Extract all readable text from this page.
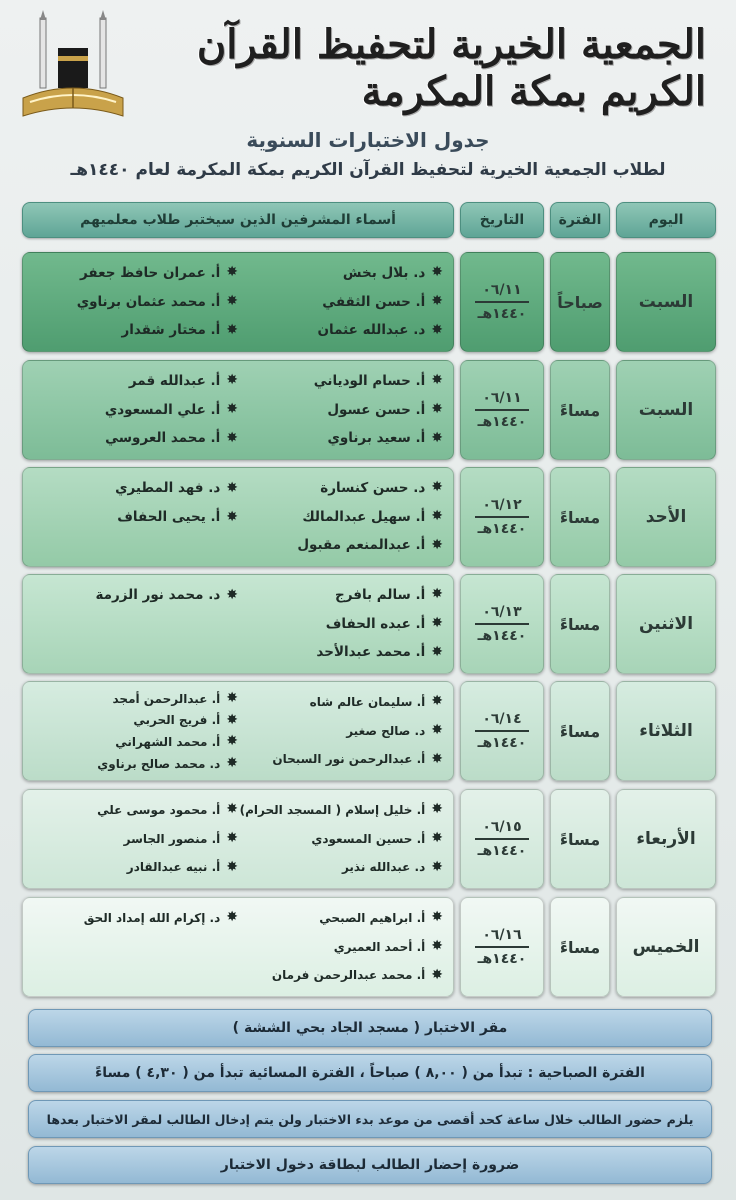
الجمعية الخيرية لتحفيظ القرآن الكريم بمكة المكرمة
جدول الاختبارات السنوية
لطلاب الجمعية الخيرية لتحفيظ القرآن الكريم بمكة المكرمة لعام ١٤٤٠هـ
اليوم
الفترة
التاريخ
أسماء المشرفين الذين سيختبر طلاب معلميهم
السبت
صباحاً
٠٦/١١
١٤٤٠هـ
✸
د. بلال بخش
✸
أ. حسن الثقفي
✸
د. عبدالله عثمان
✸
أ. عمران حافظ جعفر
✸
أ. محمد عثمان برناوي
✸
أ. مختار شقدار
السبت
مساءً
٠٦/١١
١٤٤٠هـ
✸
أ. حسام الودياني
✸
أ. حسن عسول
✸
أ. سعيد برناوي
✸
أ. عبدالله قمر
✸
أ. علي المسعودي
✸
أ. محمد العروسي
الأحد
مساءً
٠٦/١٢
١٤٤٠هـ
✸
د. حسن كنسارة
✸
أ. سهيل عبدالمالك
✸
أ. عبدالمنعم مقبول
✸
د. فهد المطيري
✸
أ. يحيى الحفاف

الاثنين
مساءً
٠٦/١٣
١٤٤٠هـ
✸
أ. سالم بافرج
✸
أ. عبده الحفاف
✸
أ. محمد عبدالأحد
✸
د. محمد نور الزرمة

الثلاثاء
مساءً
٠٦/١٤
١٤٤٠هـ
✸
أ. سليمان عالم شاه
✸
د. صالح صغير
✸
أ. عبدالرحمن نور السبحان
✸
أ. عبدالرحمن أمجد
✸
أ. فريج الحربي
✸
أ. محمد الشهراني
✸
د. محمد صالح برناوي
الأربعاء
مساءً
٠٦/١٥
١٤٤٠هـ
✸
أ. خليل إسلام ( المسجد الحرام)
✸
أ. حسين المسعودي
✸
د. عبدالله نذير
✸
أ. محمود موسى علي
✸
أ. منصور الجاسر
✸
أ. نبيه عبدالقادر
الخميس
مساءً
٠٦/١٦
١٤٤٠هـ
✸
أ. ابراهيم الصبحي
✸
أ. أحمد العميري
✸
أ. محمد عبدالرحمن فرمان
✸
د. إكرام الله إمداد الحق

مقر الاختبار ( مسجد الجاد بحي الششة )
الفترة الصباحية : تبدأ من ( ٨,٠٠ ) صباحاً ، الفترة المسائية تبدأ من ( ٤,٣٠ ) مساءً
يلزم حضور الطالب خلال ساعة كحد أقصى من موعد بدء الاختبار ولن يتم إدخال الطالب لمقر الاختبار بعدها
ضرورة إحضار الطالب لبطاقة دخول الاختبار
